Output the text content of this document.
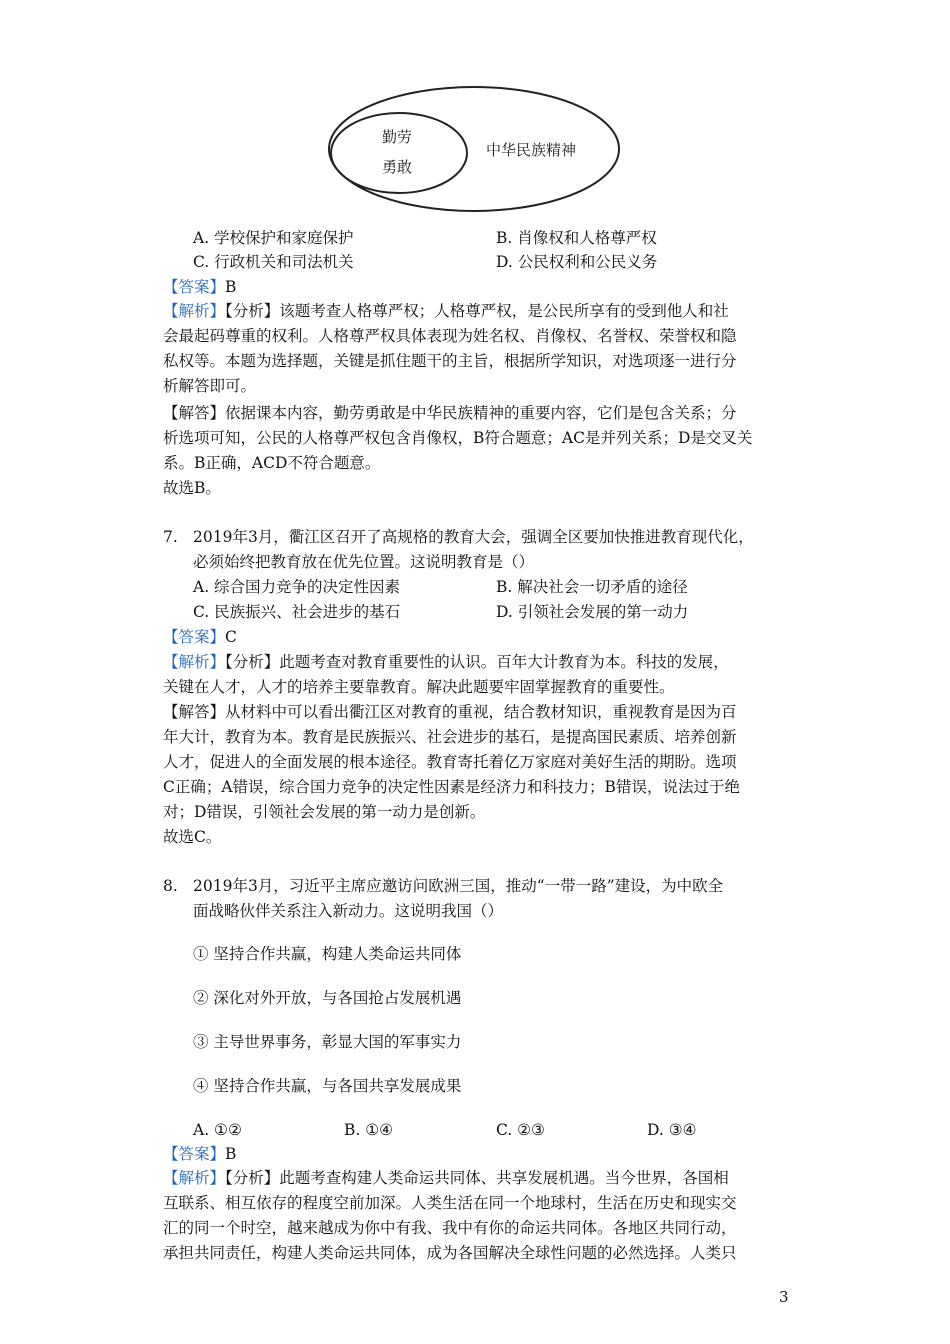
勤劳
勇敢
中华民族精神
A. 学校保护和家庭保护	B. 肖像权和人格尊严权
C. 行政机关和司法机关	D. 公民权利和公民义务
【答案】B
【解析】【分析】该题考查人格尊严权；人格尊严权，是公民所享有的受到他人和社
会最起码尊重的权利。人格尊严权具体表现为姓名权、肖像权、名誉权、荣誉权和隐
私权等。本题为选择题，关键是抓住题干的主旨，根据所学知识，对选项逐一进行分
析解答即可。
【解答】依据课本内容，勤劳勇敢是中华民族精神的重要内容，它们是包含关系；分
析选项可知，公民的人格尊严权包含肖像权，B符合题意；AC是并列关系；D是交叉关
系。B正确，ACD不符合题意。
故选B。
7. 2019年3月，衢江区召开了高规格的教育大会，强调全区要加快推进教育现代化，
必须始终把教育放在优先位置。这说明教育是（）
A. 综合国力竞争的决定性因素	B. 解决社会一切矛盾的途径
C. 民族振兴、社会进步的基石	D. 引领社会发展的第一动力
【答案】C
【解析】【分析】此题考查对教育重要性的认识。百年大计教育为本。科技的发展，
关键在人才，人才的培养主要靠教育。解决此题要牢固掌握教育的重要性。
【解答】从材料中可以看出衢江区对教育的重视，结合教材知识，重视教育是因为百
年大计，教育为本。教育是民族振兴、社会进步的基石，是提高国民素质、培养创新
人才，促进人的全面发展的根本途径。教育寄托着亿万家庭对美好生活的期盼。选项
C正确；A错误，综合国力竞争的决定性因素是经济力和科技力；B错误，说法过于绝
对；D错误，引领社会发展的第一动力是创新。
故选C。
8. 2019年3月，习近平主席应邀访问欧洲三国，推动“一带一路”建设，为中欧全
面战略伙伴关系注入新动力。这说明我国（）
① 坚持合作共赢，构建人类命运共同体
② 深化对外开放，与各国抢占发展机遇
③ 主导世界事务，彰显大国的军事实力
④ 坚持合作共赢，与各国共享发展成果
A. ①②	B. ①④	C. ②③	D. ③④
【答案】B
【解析】【分析】此题考查构建人类命运共同体、共享发展机遇。当今世界，各国相
互联系、相互依存的程度空前加深。人类生活在同一个地球村，生活在历史和现实交
汇的同一个时空，越来越成为你中有我、我中有你的命运共同体。各地区共同行动，
承担共同责任，构建人类命运共同体，成为各国解决全球性问题的必然选择。人类只
3
